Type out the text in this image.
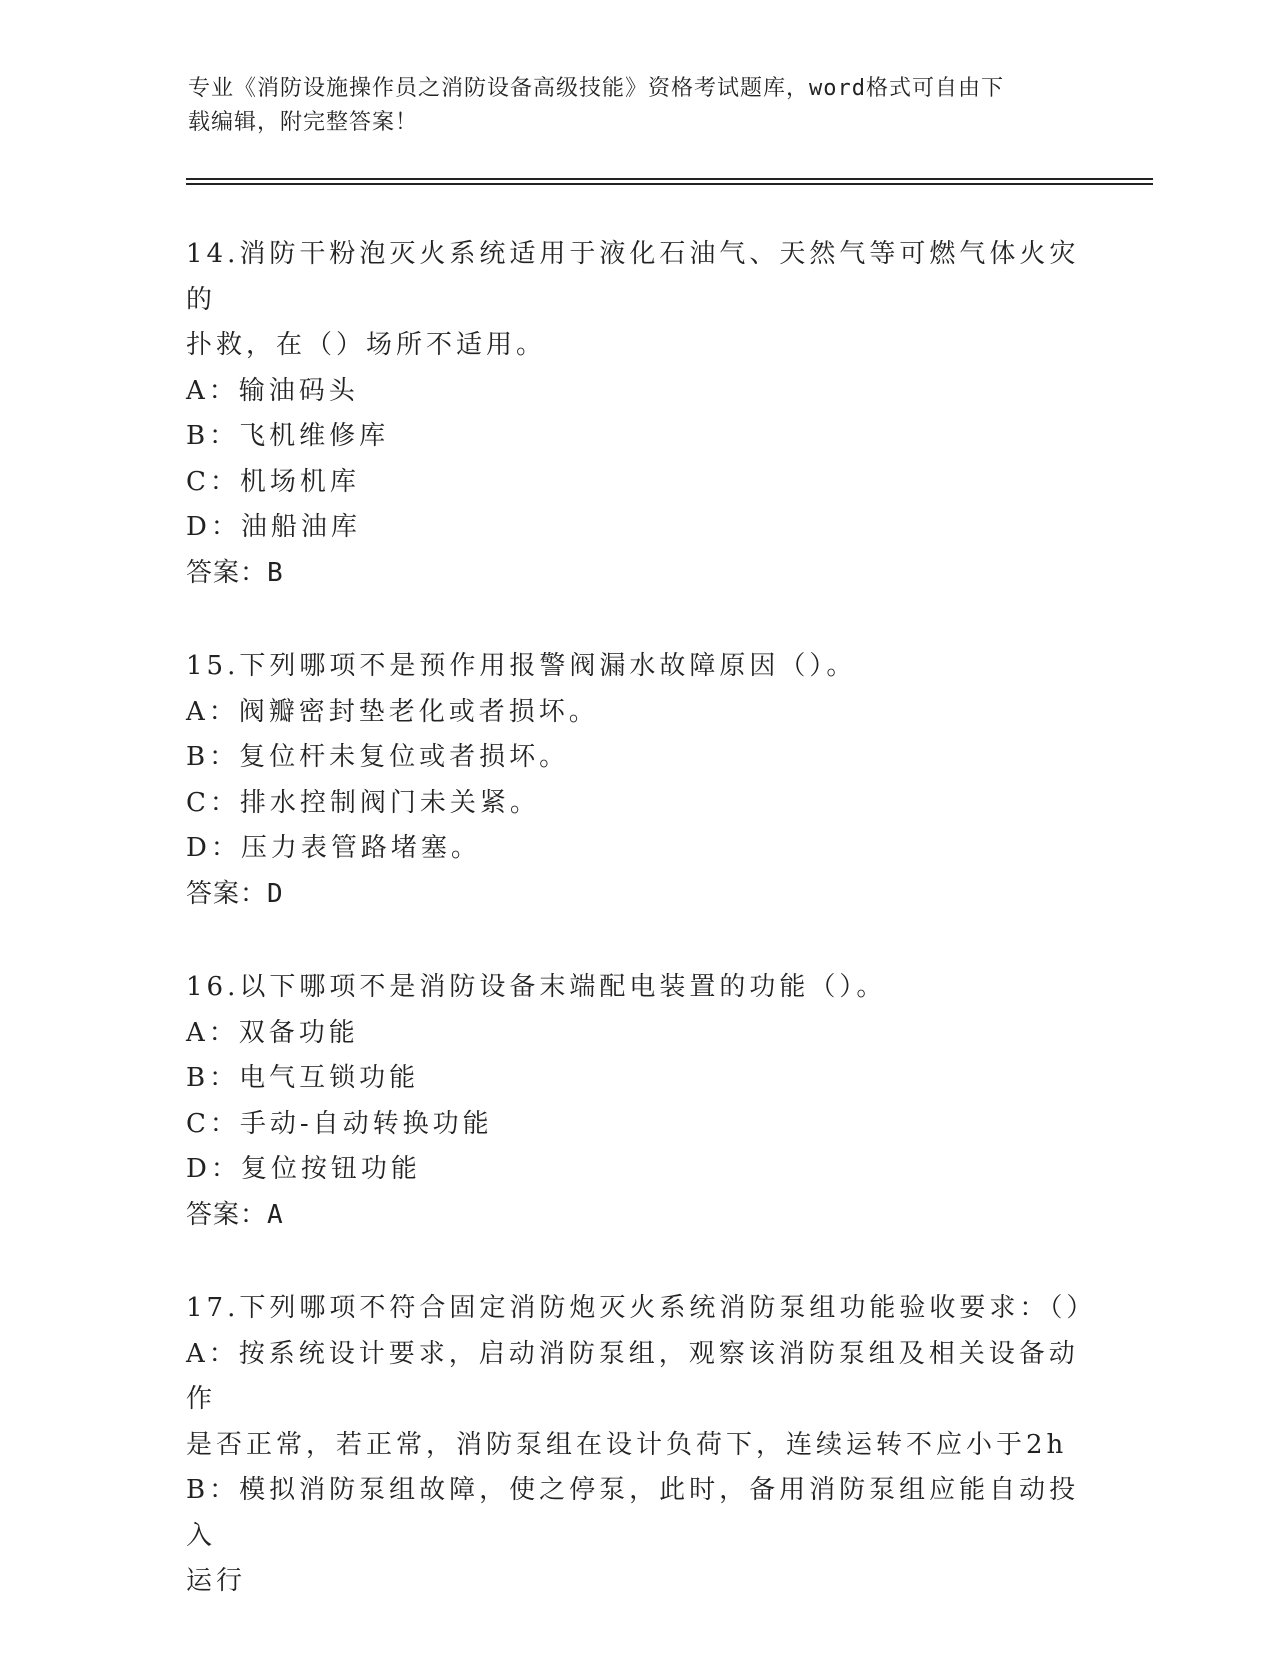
专业《消防设施操作员之消防设备高级技能》资格考试题库，word格式可自由下
载编辑，附完整答案！
14.消防干粉泡灭火系统适用于液化石油气、天然气等可燃气体火灾的
扑救，在（）场所不适用。
A：输油码头
B：飞机维修库
C：机场机库
D：油船油库
答案：B
15.下列哪项不是预作用报警阀漏水故障原因（）。
A：阀瓣密封垫老化或者损坏。
B：复位杆未复位或者损坏。
C：排水控制阀门未关紧。
D：压力表管路堵塞。
答案：D
16.以下哪项不是消防设备末端配电装置的功能（）。
A：双备功能
B：电气互锁功能
C：手动-自动转换功能
D：复位按钮功能
答案：A
17.下列哪项不符合固定消防炮灭火系统消防泵组功能验收要求：（）
A：按系统设计要求，启动消防泵组，观察该消防泵组及相关设备动作
是否正常，若正常，消防泵组在设计负荷下，连续运转不应小于2h
B：模拟消防泵组故障，使之停泵，此时，备用消防泵组应能自动投入
运行
